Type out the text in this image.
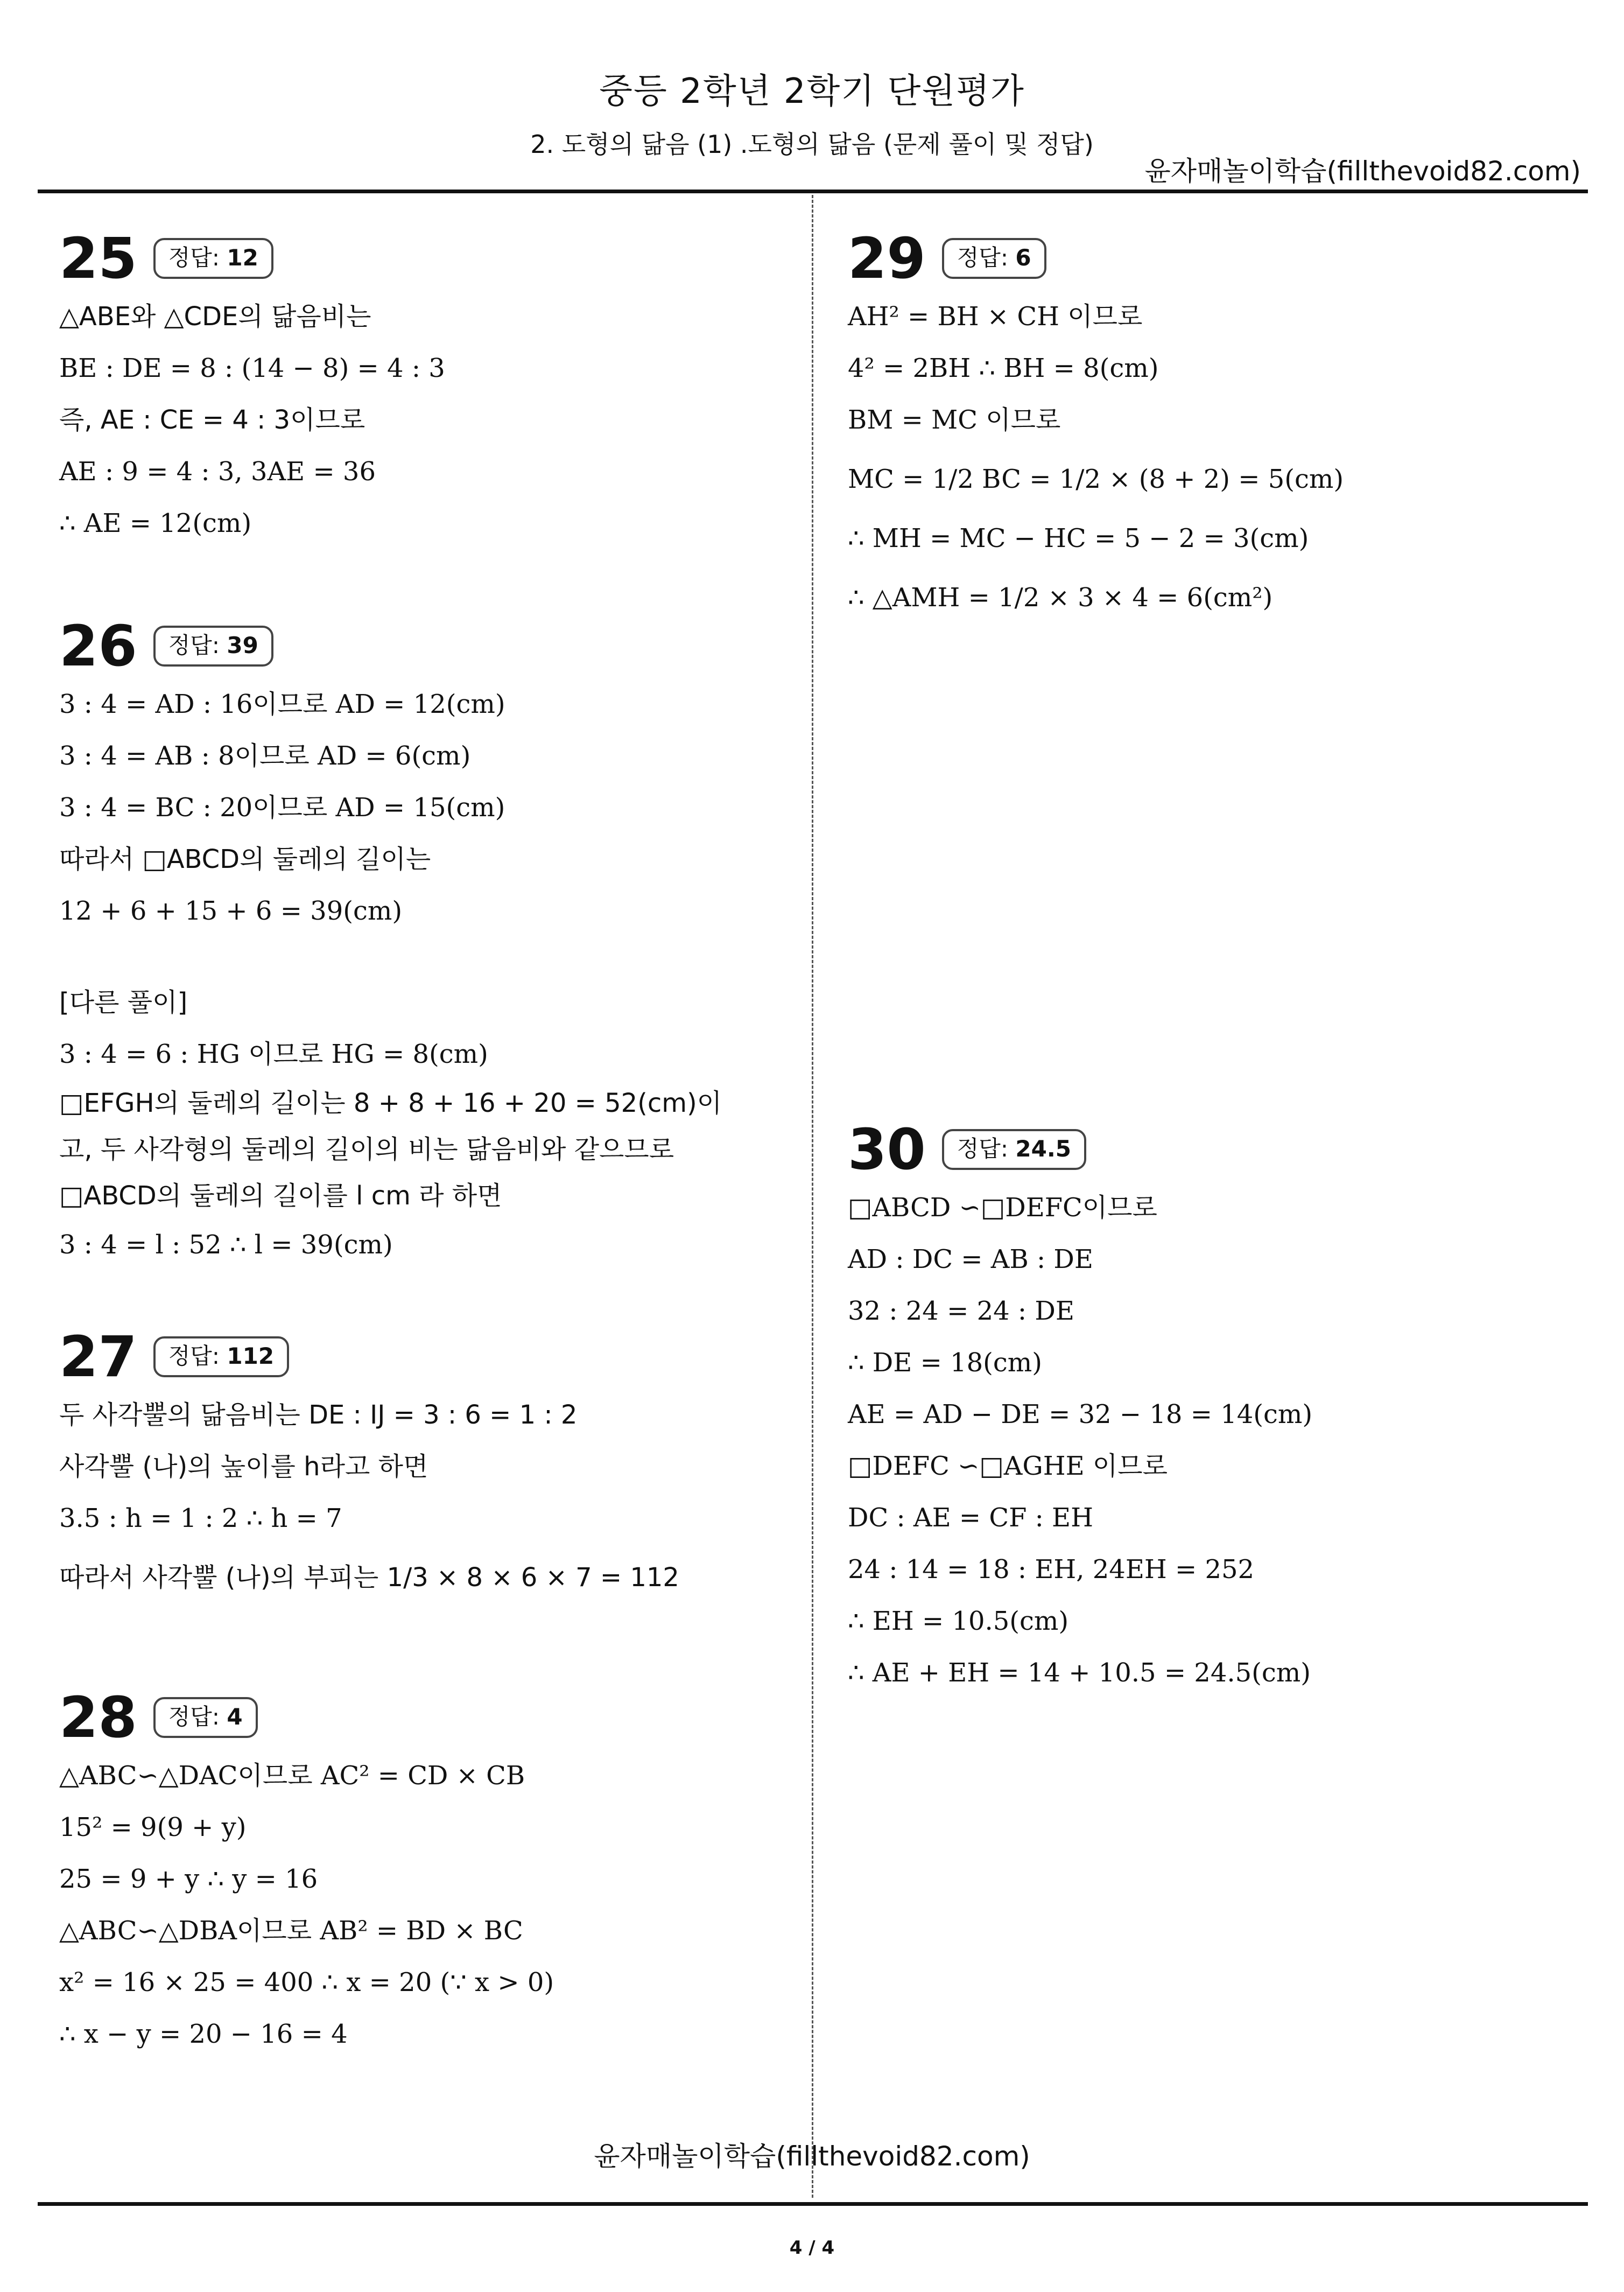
중등 2학년 2학기 단원평가
2. 도형의 닮음 (1) .도형의 닮음 (문제 풀이 및 정답)
윤자매놀이학습(fillthevoid82.com)
25	정답: 12
△ABE와 △CDE의 닮음비는
BE : DE = 8 : (14 − 8) = 4 : 3
즉, AE : CE = 4 : 3이므로
AE : 9 = 4 : 3, 3AE = 36
∴ AE = 12(cm)
26	정답: 39
3 : 4 = AD : 16이므로 AD = 12(cm)
3 : 4 = AB : 8이므로 AD = 6(cm)
3 : 4 = BC : 20이므로 AD = 15(cm)
따라서 □ABCD의 둘레의 길이는
12 + 6 + 15 + 6 = 39(cm)
[다른 풀이]
3 : 4 = 6 : HG 이므로 HG = 8(cm)
□EFGH의 둘레의 길이는 8 + 8 + 16 + 20 = 52(cm)이
고, 두 사각형의 둘레의 길이의 비는 닮음비와 같으므로
□ABCD의 둘레의 길이를 l cm 라 하면
3 : 4 = l : 52 ∴ l = 39(cm)
27	정답: 112
두 사각뿔의 닮음비는 DE : IJ = 3 : 6 = 1 : 2
사각뿔 (나)의 높이를 h라고 하면
3.5 : h = 1 : 2 ∴ h = 7
따라서 사각뿔 (나)의 부피는 1/3 × 8 × 6 × 7 = 112
28	정답: 4
△ABC∽△DAC이므로 AC² = CD × CB
15² = 9(9 + y)
25 = 9 + y ∴ y = 16
△ABC∽△DBA이므로 AB² = BD × BC
x² = 16 × 25 = 400 ∴ x = 20 (∵ x > 0)
∴ x − y = 20 − 16 = 4
29	정답: 6
AH² = BH × CH 이므로
4² = 2BH ∴ BH = 8(cm)
BM = MC 이므로
MC = 1/2 BC = 1/2 × (8 + 2) = 5(cm)
∴ MH = MC − HC = 5 − 2 = 3(cm)
∴ △AMH = 1/2 × 3 × 4 = 6(cm²)
30	정답: 24.5
□ABCD ∽□DEFC이므로
AD : DC = AB : DE
32 : 24 = 24 : DE
∴ DE = 18(cm)
AE = AD − DE = 32 − 18 = 14(cm)
□DEFC ∽□AGHE 이므로
DC : AE = CF : EH
24 : 14 = 18 : EH, 24EH = 252
∴ EH = 10.5(cm)
∴ AE + EH = 14 + 10.5 = 24.5(cm)
윤자매놀이학습(fillthevoid82.com)
4 / 4
